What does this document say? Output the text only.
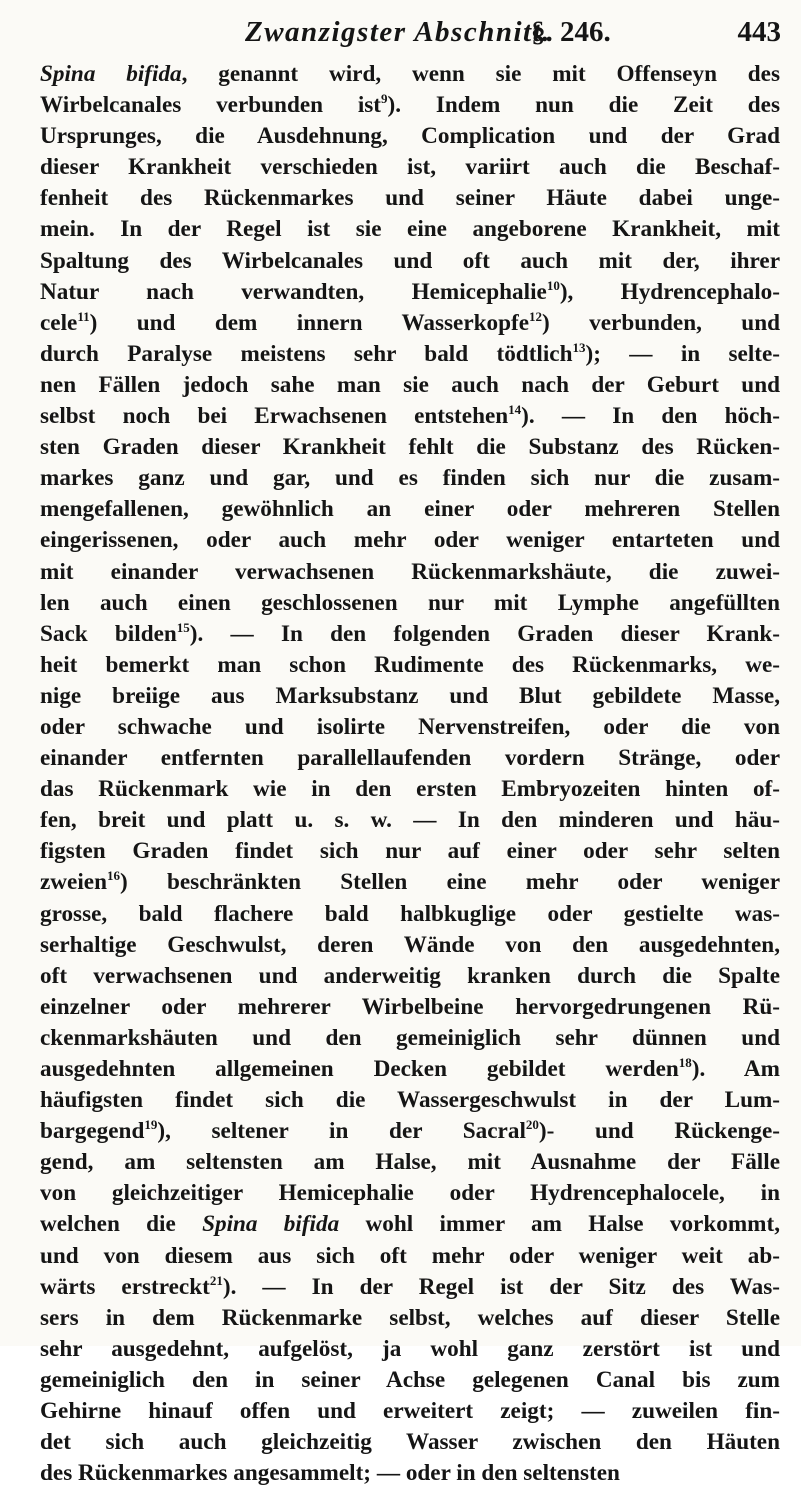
Zwanzigster Abschnitt.
§. 246.	443
Spina bifida, genannt wird, wenn sie mit Offenseyn des
Wirbelcanales verbunden ist$^9$). Indem nun die Zeit des
Ursprunges, die Ausdehnung, Complication und der Grad
dieser Krankheit verschieden ist, variirt auch die Beschaf-
fenheit des Rückenmarkes und seiner Häute dabei unge-
mein. In der Regel ist sie eine angeborene Krankheit, mit
Spaltung des Wirbelcanales und oft auch mit der, ihrer
Natur nach verwandten, Hemicephalie$^{10}$), Hydrencephalo-
cele$^{11}$) und dem innern Wasserkopfe$^{12}$) verbunden, und
durch Paralyse meistens sehr bald tödtlich$^{13}$); — in selte-
nen Fällen jedoch sahe man sie auch nach der Geburt und
selbst noch bei Erwachsenen entstehen$^{14}$). — In den höch-
sten Graden dieser Krankheit fehlt die Substanz des Rücken-
markes ganz und gar, und es finden sich nur die zusam-
mengefallenen, gewöhnlich an einer oder mehreren Stellen
eingerissenen, oder auch mehr oder weniger entarteten und
mit einander verwachsenen Rückenmarkshäute, die zuwei-
len auch einen geschlossenen nur mit Lymphe angefüllten
Sack bilden$^{15}$). — In den folgenden Graden dieser Krank-
heit bemerkt man schon Rudimente des Rückenmarks, we-
nige breiige aus Marksubstanz und Blut gebildete Masse,
oder schwache und isolirte Nervenstreifen, oder die von
einander entfernten parallellaufenden vordern Stränge, oder
das Rückenmark wie in den ersten Embryozeiten hinten of-
fen, breit und platt u. s. w. — In den minderen und häu-
figsten Graden findet sich nur auf einer oder sehr selten
zweien$^{16}$) beschränkten Stellen eine mehr oder weniger
grosse, bald flachere bald halbkuglige oder gestielte was-
serhaltige Geschwulst, deren Wände von den ausgedehnten,
oft verwachsenen und anderweitig kranken durch die Spalte
einzelner oder mehrerer Wirbelbeine hervorgedrungenen Rü-
ckenmarkshäuten und den gemeiniglich sehr dünnen und
ausgedehnten allgemeinen Decken gebildet werden$^{18}$). Am
häufigsten findet sich die Wassergeschwulst in der Lum-
bargegend$^{19}$), seltener in der Sacral$^{20}$)- und Rückenge-
gend, am seltensten am Halse, mit Ausnahme der Fälle
von gleichzeitiger Hemicephalie oder Hydrencephalocele, in
welchen die Spina bifida wohl immer am Halse vorkommt,
und von diesem aus sich oft mehr oder weniger weit ab-
wärts erstreckt$^{21}$). — In der Regel ist der Sitz des Was-
sers in dem Rückenmarke selbst, welches auf dieser Stelle
sehr ausgedehnt, aufgelöst, ja wohl ganz zerstört ist und
gemeiniglich den in seiner Achse gelegenen Canal bis zum
Gehirne hinauf offen und erweitert zeigt; — zuweilen fin-
det sich auch gleichzeitig Wasser zwischen den Häuten
des Rückenmarkes angesammelt; — oder in den seltensten
